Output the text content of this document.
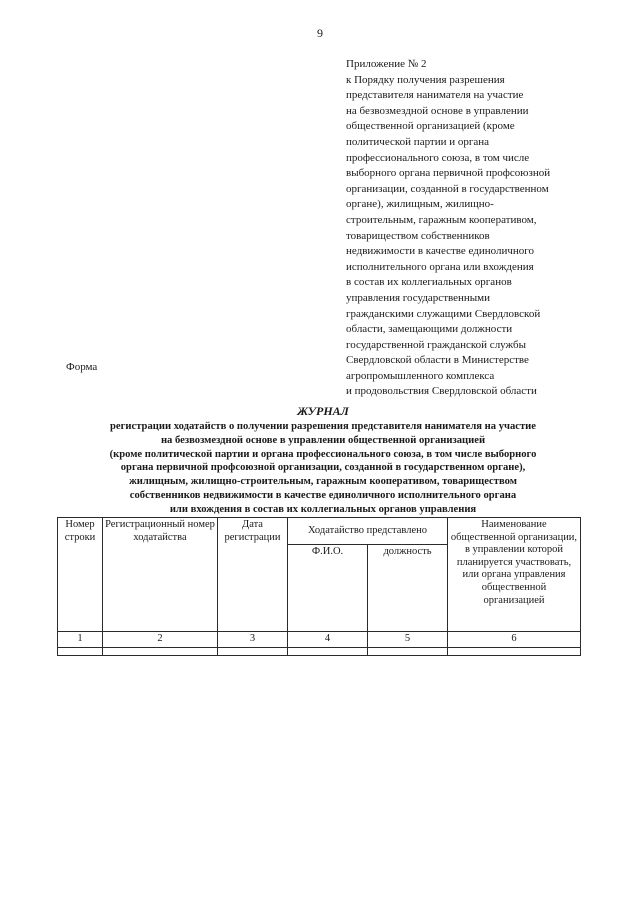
9
Приложение № 2
к Порядку получения разрешения
представителя нанимателя на участие
на безвозмездной основе в управлении
общественной организацией (кроме
политической партии и органа
профессионального союза, в том числе
выборного органа первичной профсоюзной
организации, созданной в государственном
органе), жилищным, жилищно-
строительным, гаражным кооперативом,
товариществом собственников
недвижимости в качестве единоличного
исполнительного органа или вхождения
в состав их коллегиальных органов
управления государственными
гражданскими служащими Свердловской
области, замещающими должности
государственной гражданской службы
Свердловской области в Министерстве
агропромышленного комплекса
и продовольствия Свердловской области
Форма
ЖУРНАЛ
регистрации ходатайств о получении разрешения представителя нанимателя на участие
на безвозмездной основе в управлении общественной организацией
(кроме политической партии и органа профессионального союза, в том числе выборного
органа первичной профсоюзной организации, созданной в государственном органе),
жилищным, жилищно-строительным, гаражным кооперативом, товариществом
собственников недвижимости в качестве единоличного исполнительного органа
или вхождения в состав их коллегиальных органов управления
Номер строки	Регистрационный номер ходатайства	Дата регистрации	Ходатайство представлено		Наименование общественной организации, в управлении которой планируется участвовать, или органа управления общественной организацией
			Ф.И.О.	должность	
1	2	3	4	5	6
